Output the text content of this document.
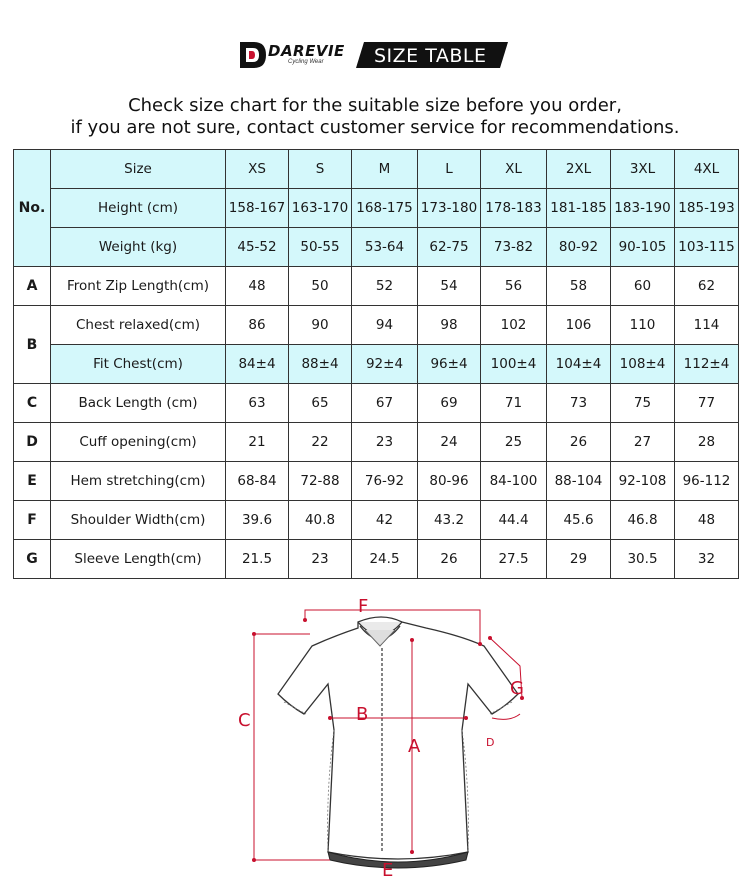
DAREVIE
Cycling Wear	SIZE TABLE
Check size chart for the suitable size before you order,
if you are not sure, contact customer service for recommendations.
No.	Size	XS	S	M	L	XL	2XL	3XL	4XL
	Height (cm)	158-167	163-170	168-175	173-180	178-183	181-185	183-190	185-193
	Weight (kg)	45-52	50-55	53-64	62-75	73-82	80-92	90-105	103-115
A	Front Zip Length(cm)	48	50	52	54	56	58	60	62
B	Chest relaxed(cm)	86	90	94	98	102	106	110	114
	Fit Chest(cm)	84±4	88±4	92±4	96±4	100±4	104±4	108±4	112±4
C	Back Length (cm)	63	65	67	69	71	73	75	77
D	Cuff opening(cm)	21	22	23	24	25	26	27	28
E	Hem stretching(cm)	68-84	72-88	76-92	80-96	84-100	88-104	92-108	96-112
F	Shoulder Width(cm)	39.6	40.8	42	43.2	44.4	45.6	46.8	48
G	Sleeve Length(cm)	21.5	23	24.5	26	27.5	29	30.5	32
F
G
C	B
A	D
E
